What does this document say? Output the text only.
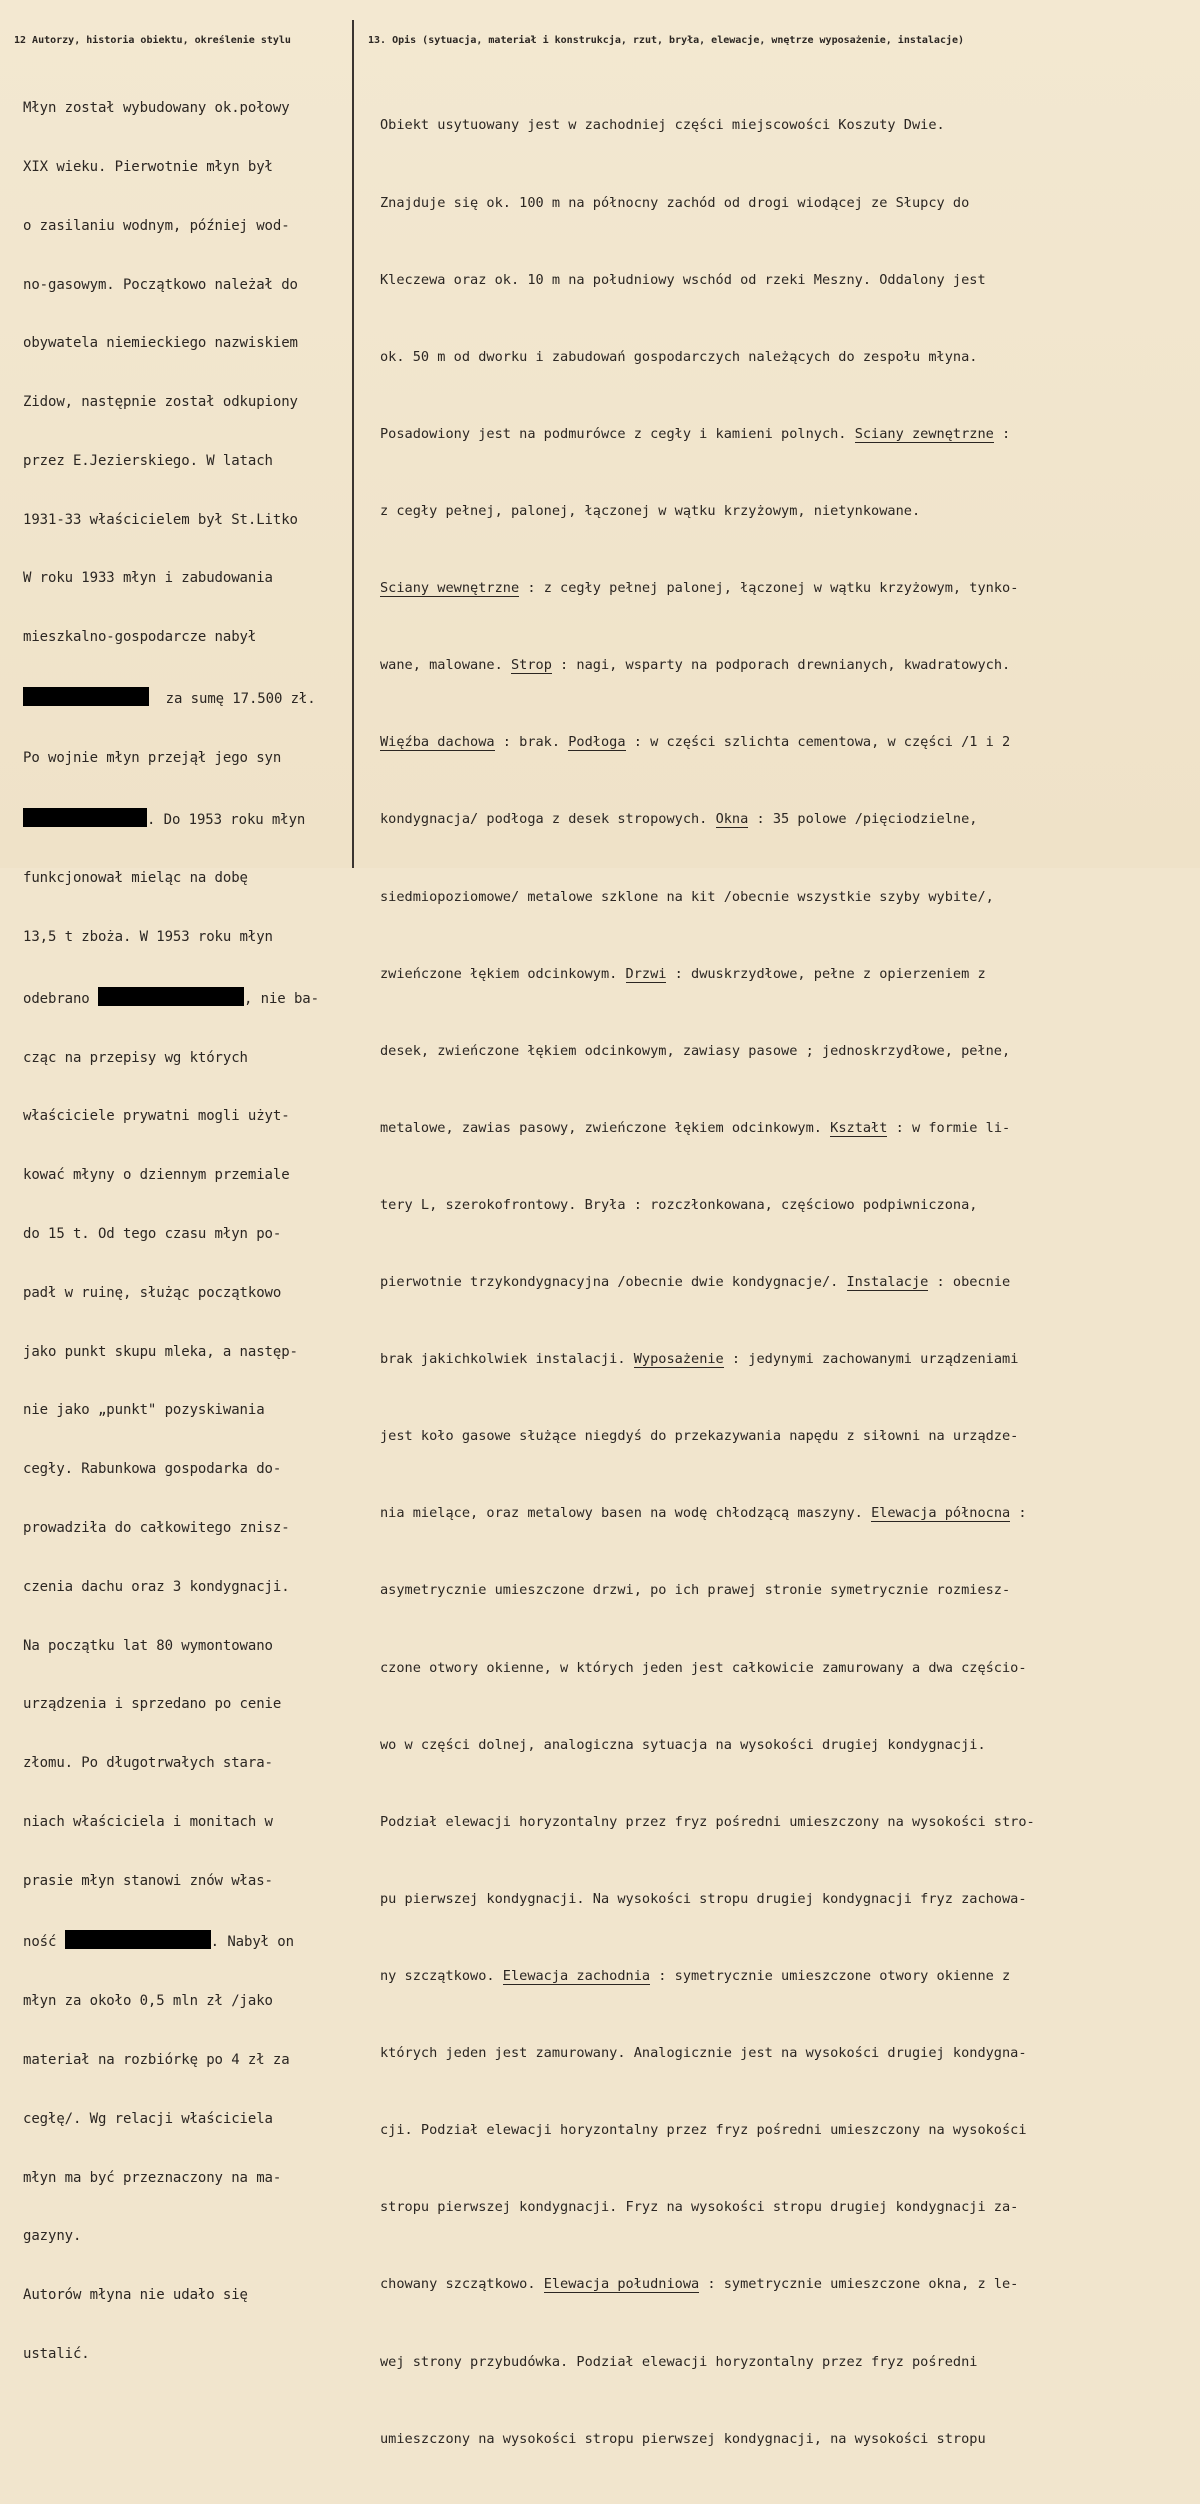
12 Autorzy, historia obiektu, określenie stylu	13. Opis (sytuacja, materiał i konstrukcja, rzut, bryła, elewacje, wnętrze wyposażenie, instalacje)

Młyn został wybudowany ok.połowy

XIX wieku. Pierwotnie młyn był

o zasilaniu wodnym, później wod-

no-gasowym. Początkowo należał do

obywatela niemieckiego nazwiskiem

Zidow, następnie został odkupiony

przez E.Jezierskiego. W latach

1931-33 właścicielem był St.Litko

W roku 1933 młyn i zabudowania

mieszkalno-gospodarcze nabył

za sumę 17.500 zł.

Po wojnie młyn przejął jego syn

. Do 1953 roku młyn

funkcjonował mieląc na dobę

13,5 t zboża. W 1953 roku młyn

odebrano	, nie ba-

cząc na przepisy wg których

właściciele prywatni mogli użyt-

kować młyny o dziennym przemiale

do 15 t. Od tego czasu młyn po-

padł w ruinę, służąc początkowo

jako punkt skupu mleka, a następ-

nie jako „punkt" pozyskiwania

cegły. Rabunkowa gospodarka do-

prowadziła do całkowitego znisz-

czenia dachu oraz 3 kondygnacji.

Na początku lat 80 wymontowano

urządzenia i sprzedano po cenie

złomu. Po długotrwałych stara-

niach właściciela i monitach w

prasie młyn stanowi znów włas-

ność	. Nabył on

młyn za około 0,5 mln zł /jako

materiał na rozbiórkę po 4 zł za

cegłę/. Wg relacji właściciela

młyn ma być przeznaczony na ma-

gazyny.

Autorów młyna nie udało się

ustalić.

Obiekt usytuowany jest w zachodniej części miejscowości Koszuty Dwie.

Znajduje się ok. 100 m na północny zachód od drogi wiodącej ze Słupcy do

Kleczewa oraz ok. 10 m na południowy wschód od rzeki Meszny. Oddalony jest

ok. 50 m od dworku i zabudowań gospodarczych należących do zespołu młyna.

Posadowiony jest na podmurówce z cegły i kamieni polnych. Sciany zewnętrzne :

z cegły pełnej, palonej, łączonej w wątku krzyżowym, nietynkowane.

Sciany wewnętrzne : z cegły pełnej palonej, łączonej w wątku krzyżowym, tynko-

wane, malowane. Strop : nagi, wsparty na podporach drewnianych, kwadratowych.

Więźba dachowa : brak. Podłoga : w części szlichta cementowa, w części /1 i 2

kondygnacja/ podłoga z desek stropowych. Okna : 35 polowe /pięciodzielne,

siedmiopoziomowe/ metalowe szklone na kit /obecnie wszystkie szyby wybite/,

zwieńczone łękiem odcinkowym. Drzwi : dwuskrzydłowe, pełne z opierzeniem z

desek, zwieńczone łękiem odcinkowym, zawiasy pasowe ; jednoskrzydłowe, pełne,

metalowe, zawias pasowy, zwieńczone łękiem odcinkowym. Kształt : w formie li-

tery L, szerokofrontowy. Bryła : rozczłonkowana, częściowo podpiwniczona,

pierwotnie trzykondygnacyjna /obecnie dwie kondygnacje/. Instalacje : obecnie

brak jakichkolwiek instalacji. Wyposażenie : jedynymi zachowanymi urządzeniami

jest koło gasowe służące niegdyś do przekazywania napędu z siłowni na urządze-

nia mielące, oraz metalowy basen na wodę chłodzącą maszyny. Elewacja północna :

asymetrycznie umieszczone drzwi, po ich prawej stronie symetrycznie rozmiesz-

czone otwory okienne, w których jeden jest całkowicie zamurowany a dwa częścio-

wo w części dolnej, analogiczna sytuacja na wysokości drugiej kondygnacji.

Podział elewacji horyzontalny przez fryz pośredni umieszczony na wysokości stro-

pu pierwszej kondygnacji. Na wysokości stropu drugiej kondygnacji fryz zachowa-

ny szczątkowo. Elewacja zachodnia : symetrycznie umieszczone otwory okienne z

których jeden jest zamurowany. Analogicznie jest na wysokości drugiej kondygna-

cji. Podział elewacji horyzontalny przez fryz pośredni umieszczony na wysokości

stropu pierwszej kondygnacji. Fryz na wysokości stropu drugiej kondygnacji za-

chowany szczątkowo. Elewacja południowa : symetrycznie umieszczone okna, z le-

wej strony przybudówka. Podział elewacji horyzontalny przez fryz pośredni

umieszczony na wysokości stropu pierwszej kondygnacji, na wysokości stropu
